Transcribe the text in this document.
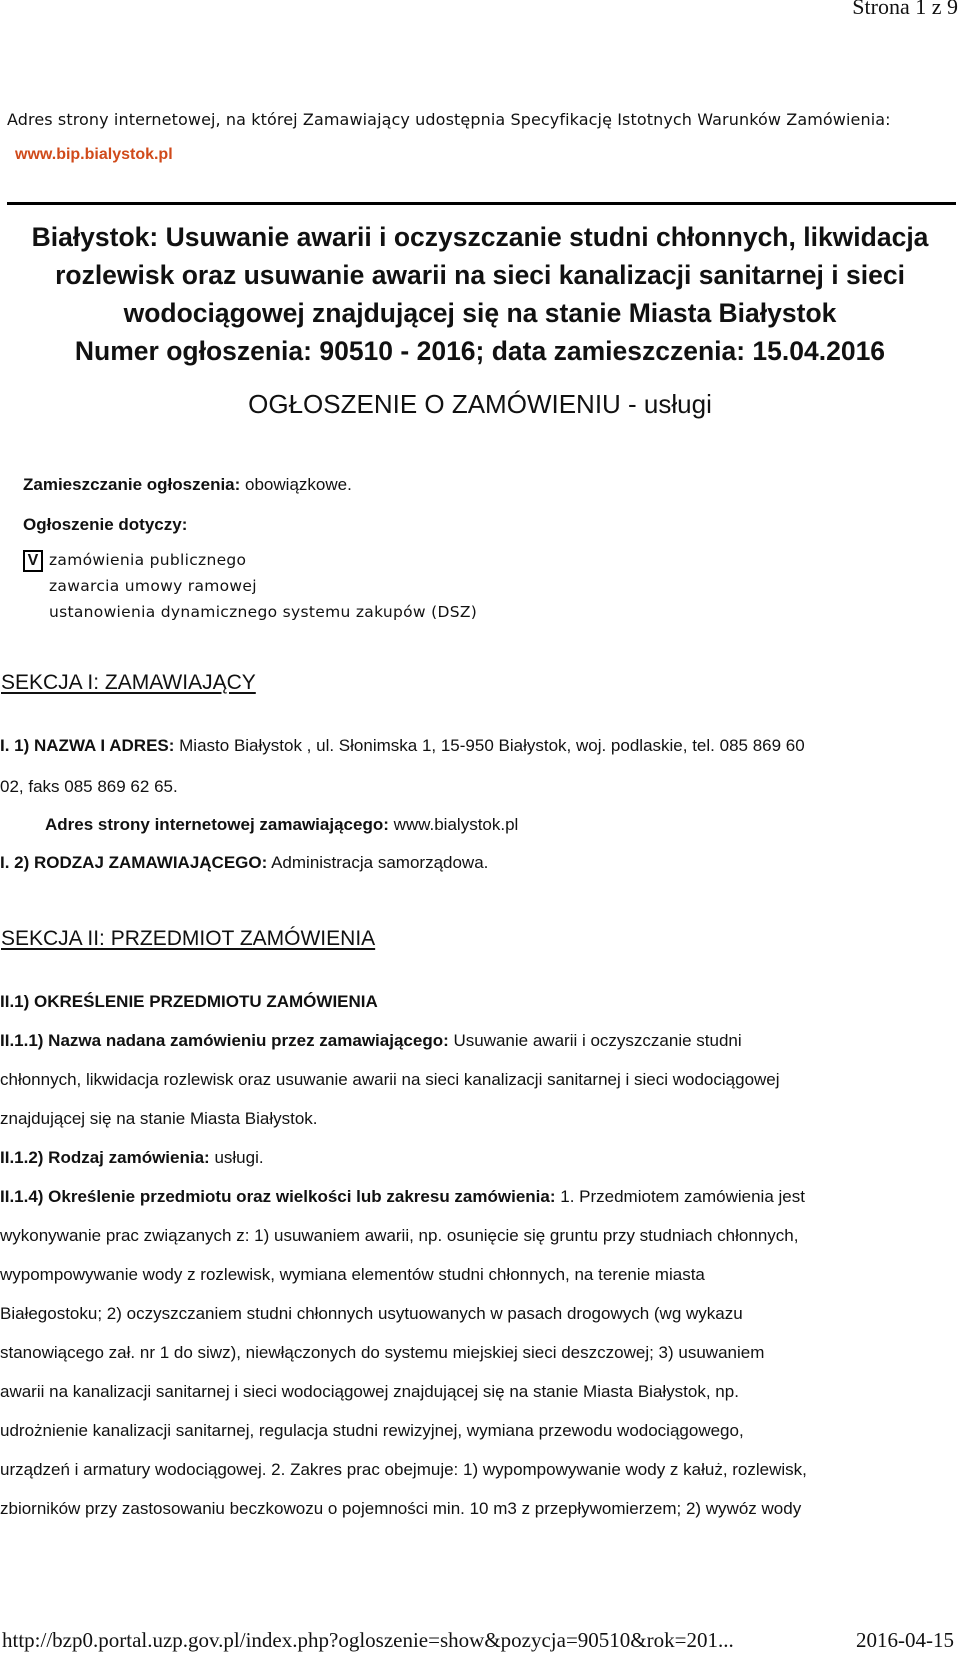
Strona 1 z 9
Adres strony internetowej, na której Zamawiający udostępnia Specyfikację Istotnych Warunków Zamówienia:
www.bip.bialystok.pl
Białystok: Usuwanie awarii i oczyszczanie studni chłonnych, likwidacja
rozlewisk oraz usuwanie awarii na sieci kanalizacji sanitarnej i sieci
wodociągowej znajdującej się na stanie Miasta Białystok
Numer ogłoszenia: 90510 - 2016; data zamieszczenia: 15.04.2016
OGŁOSZENIE O ZAMÓWIENIU - usługi
Zamieszczanie ogłoszenia: obowiązkowe.
Ogłoszenie dotyczy:
V zamówienia publicznego
zawarcia umowy ramowej
ustanowienia dynamicznego systemu zakupów (DSZ)
SEKCJA I: ZAMAWIAJĄCY
I. 1) NAZWA I ADRES: Miasto Białystok , ul. Słonimska 1, 15-950 Białystok, woj. podlaskie, tel. 085 869 60
02, faks 085 869 62 65.
Adres strony internetowej zamawiającego: www.bialystok.pl
I. 2) RODZAJ ZAMAWIAJĄCEGO: Administracja samorządowa.
SEKCJA II: PRZEDMIOT ZAMÓWIENIA
II.1) OKREŚLENIE PRZEDMIOTU ZAMÓWIENIA
II.1.1) Nazwa nadana zamówieniu przez zamawiającego: Usuwanie awarii i oczyszczanie studni
chłonnych, likwidacja rozlewisk oraz usuwanie awarii na sieci kanalizacji sanitarnej i sieci wodociągowej
znajdującej się na stanie Miasta Białystok.
II.1.2) Rodzaj zamówienia: usługi.
II.1.4) Określenie przedmiotu oraz wielkości lub zakresu zamówienia: 1. Przedmiotem zamówienia jest
wykonywanie prac związanych z: 1) usuwaniem awarii, np. osunięcie się gruntu przy studniach chłonnych,
wypompowywanie wody z rozlewisk, wymiana elementów studni chłonnych, na terenie miasta
Białegostoku; 2) oczyszczaniem studni chłonnych usytuowanych w pasach drogowych (wg wykazu
stanowiącego zał. nr 1 do siwz), niewłączonych do systemu miejskiej sieci deszczowej; 3) usuwaniem
awarii na kanalizacji sanitarnej i sieci wodociągowej znajdującej się na stanie Miasta Białystok, np.
udrożnienie kanalizacji sanitarnej, regulacja studni rewizyjnej, wymiana przewodu wodociągowego,
urządzeń i armatury wodociągowej. 2. Zakres prac obejmuje: 1) wypompowywanie wody z kałuż, rozlewisk,
zbiorników przy zastosowaniu beczkowozu o pojemności min. 10 m3 z przepływomierzem; 2) wywóz wody
http://bzp0.portal.uzp.gov.pl/index.php?ogloszenie=show&pozycja=90510&rok=201...	2016-04-15
